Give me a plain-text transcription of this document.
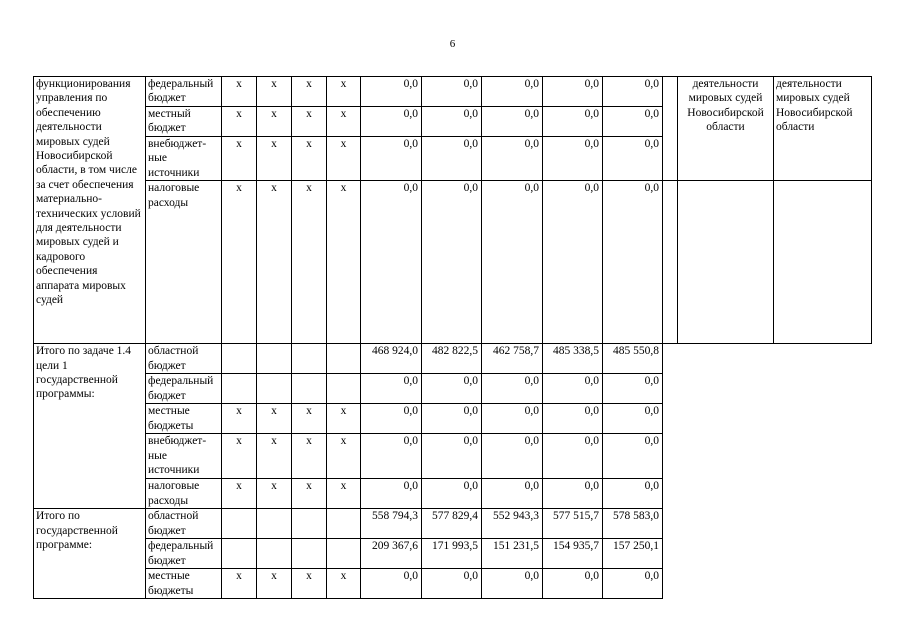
6
функционирования управления по обеспечению деятельности мировых судей Новосибирской области, в том числе за счет обеспечения материально-технических условий для деятельности мировых судей и кадрового обеспечения аппарата мировых судей	федеральный бюджет	х	х	х	х	0,0	0,0	0,0	0,0	0,0		деятельности мировых судей Новосибирской области	деятельности мировых судей Новосибирской области
	местный бюджет	х	х	х	х	0,0	0,0	0,0	0,0	0,0			
	внебюджет-ные источники	х	х	х	х	0,0	0,0	0,0	0,0	0,0			
	налоговые расходы	х	х	х	х	0,0	0,0	0,0	0,0	0,0			
Итого по задаче 1.4 цели 1 государственной программы:	областной бюджет					468 924,0	482 822,5	462 758,7	485 338,5	485 550,8			
	федеральный бюджет					0,0	0,0	0,0	0,0	0,0			
	местные бюджеты	х	х	х	х	0,0	0,0	0,0	0,0	0,0			
	внебюджет-ные источники	х	х	х	х	0,0	0,0	0,0	0,0	0,0			
	налоговые расходы	х	х	х	х	0,0	0,0	0,0	0,0	0,0			
Итого по государственной программе:	областной бюджет					558 794,3	577 829,4	552 943,3	577 515,7	578 583,0			
	федеральный бюджет					209 367,6	171 993,5	151 231,5	154 935,7	157 250,1			
	местные бюджеты	х	х	х	х	0,0	0,0	0,0	0,0	0,0			
